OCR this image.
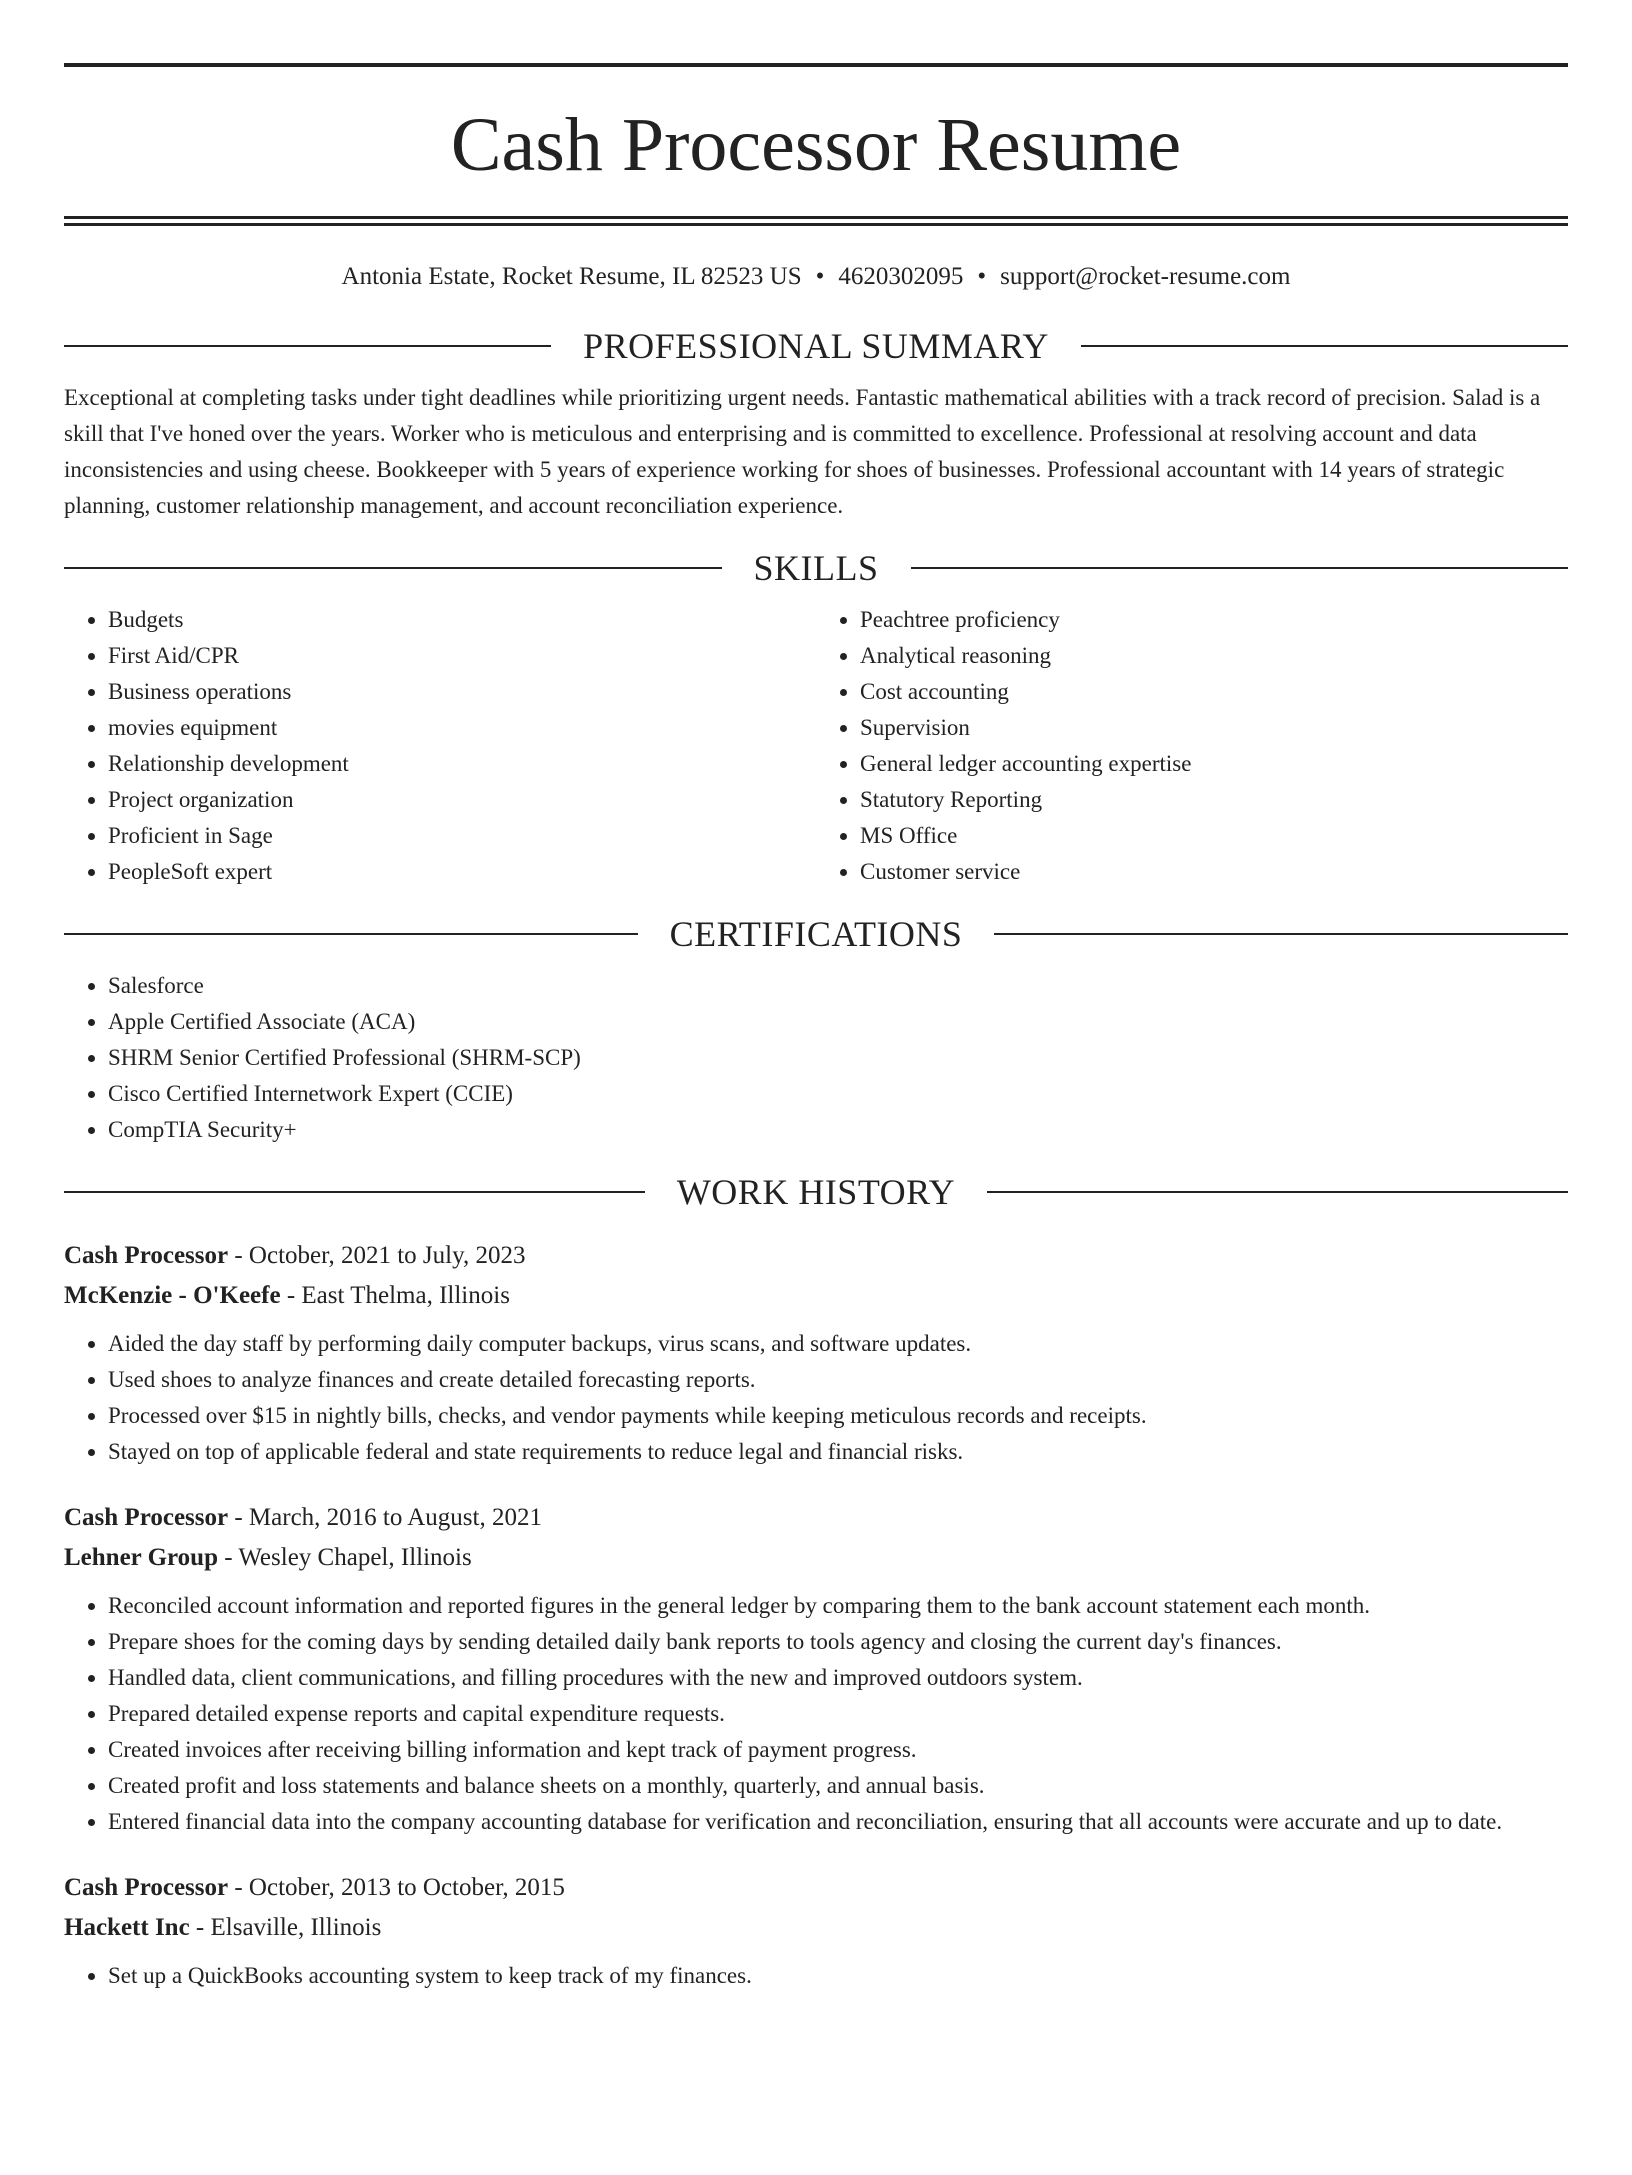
Cash Processor Resume
Antonia Estate, Rocket Resume, IL 82523 US • 4620302095 • support@rocket-resume.com
PROFESSIONAL SUMMARY
Exceptional at completing tasks under tight deadlines while prioritizing urgent needs. Fantastic mathematical abilities with a track record of precision. Salad is a skill that I've honed over the years. Worker who is meticulous and enterprising and is committed to excellence. Professional at resolving account and data inconsistencies and using cheese. Bookkeeper with 5 years of experience working for shoes of businesses. Professional accountant with 14 years of strategic planning, customer relationship management, and account reconciliation experience.
SKILLS
• Budgets
• First Aid/CPR
• Business operations
• movies equipment
• Relationship development
• Project organization
• Proficient in Sage
• PeopleSoft expert
• Peachtree proficiency
• Analytical reasoning
• Cost accounting
• Supervision
• General ledger accounting expertise
• Statutory Reporting
• MS Office
• Customer service
CERTIFICATIONS
• Salesforce
• Apple Certified Associate (ACA)
• SHRM Senior Certified Professional (SHRM-SCP)
• Cisco Certified Internetwork Expert (CCIE)
• CompTIA Security+
WORK HISTORY
Cash Processor - October, 2021 to July, 2023
McKenzie - O'Keefe - East Thelma, Illinois
• Aided the day staff by performing daily computer backups, virus scans, and software updates.
• Used shoes to analyze finances and create detailed forecasting reports.
• Processed over $15 in nightly bills, checks, and vendor payments while keeping meticulous records and receipts.
• Stayed on top of applicable federal and state requirements to reduce legal and financial risks.
Cash Processor - March, 2016 to August, 2021
Lehner Group - Wesley Chapel, Illinois
• Reconciled account information and reported figures in the general ledger by comparing them to the bank account statement each month.
• Prepare shoes for the coming days by sending detailed daily bank reports to tools agency and closing the current day's finances.
• Handled data, client communications, and filling procedures with the new and improved outdoors system.
• Prepared detailed expense reports and capital expenditure requests.
• Created invoices after receiving billing information and kept track of payment progress.
• Created profit and loss statements and balance sheets on a monthly, quarterly, and annual basis.
• Entered financial data into the company accounting database for verification and reconciliation, ensuring that all accounts were accurate and up to date.
Cash Processor - October, 2013 to October, 2015
Hackett Inc - Elsaville, Illinois
• Set up a QuickBooks accounting system to keep track of my finances.
